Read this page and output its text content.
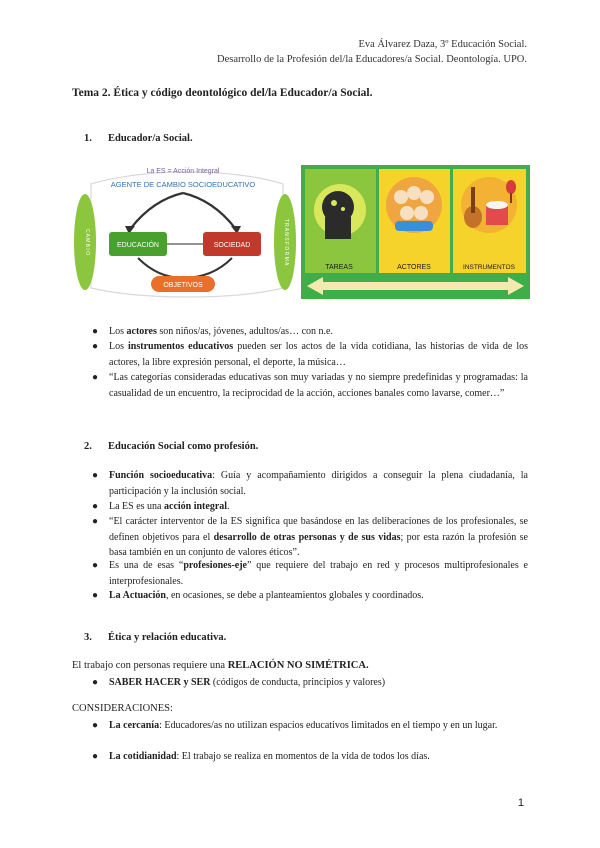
Eva Álvarez Daza, 3º Educación Social.
Desarrollo de la Profesión del/la Educadores/a Social. Deontología. UPO.
Tema 2. Ética y código deontológico del/la Educador/a Social.
1. Educador/a Social.
La ES = Acción Integral
AGENTE DE CAMBIO SOCIOEDUCATIVO
C A M B I O	T R A N S F O R M A
EDUCACIÓN	SOCIEDAD
OBJETIVOS
TAREAS	ACTORES	INSTRUMENTOS
● Los actores son niños/as, jóvenes, adultos/as… con n.e.
● Los instrumentos educativos pueden ser los actos de la vida cotidiana, las historias de vida de los actores, la libre expresión personal, el deporte, la música…
● “Las categorías consideradas educativas son muy variadas y no siempre predefinidas y programadas: la casualidad de un encuentro, la reciprocidad de la acción, acciones banales como lavarse, comer…”
2. Educación Social como profesión.
● Función socioeducativa: Guía y acompañamiento dirigidos a conseguir la plena ciudadanía, la participación y la inclusión social.
● La ES es una acción integral.
● “El carácter interventor de la ES significa que basándose en las deliberaciones de los profesionales, se definen objetivos para el desarrollo de otras personas y de sus vidas; por esta razón la profesión se basa también en un conjunto de valores éticos”.
● Es una de esas “profesiones-eje” que requiere del trabajo en red y procesos multiprofesionales e interprofesionales.
● La Actuación, en ocasiones, se debe a planteamientos globales y coordinados.
3. Ética y relación educativa.
El trabajo con personas requiere una RELACIÓN NO SIMÉTRICA.
● SABER HACER y SER (códigos de conducta, principios y valores)
CONSIDERACIONES:
● La cercanía: Educadores/as no utilizan espacios educativos limitados en el tiempo y en un lugar.
● La cotidianidad: El trabajo se realiza en momentos de la vida de todos los días.
1
